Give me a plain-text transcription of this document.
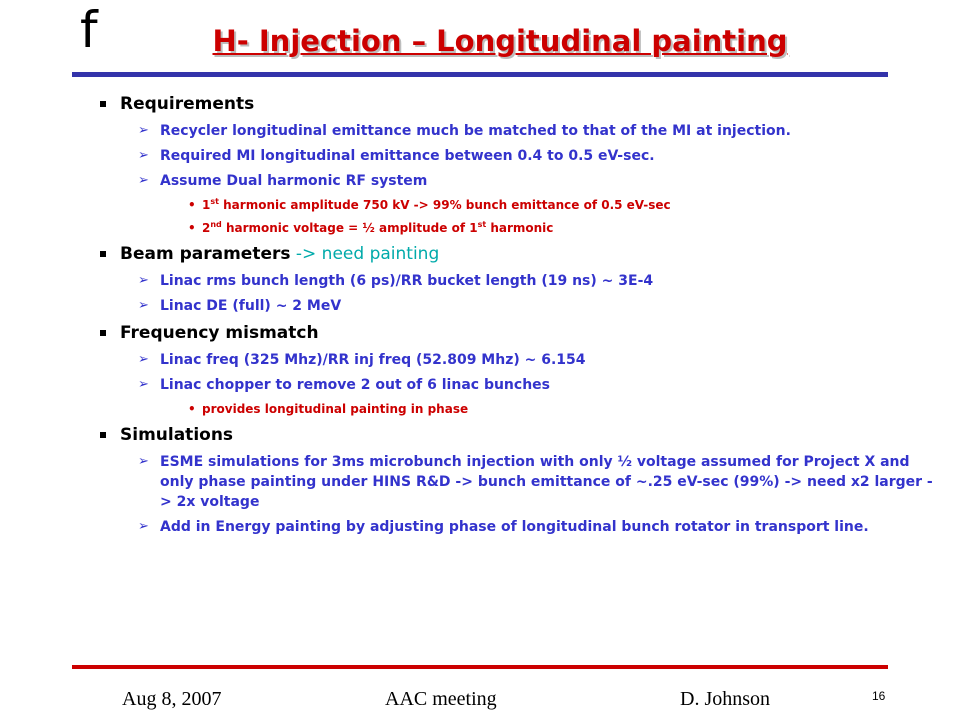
f	H- Injection – Longitudinal painting
Requirements
➢ Recycler longitudinal emittance much be matched to that of the MI at injection.
➢ Required MI longitudinal emittance between 0.4 to 0.5 eV-sec.
➢ Assume Dual harmonic RF system
• 1st harmonic amplitude 750 kV -> 99% bunch emittance of 0.5 eV-sec
• 2nd harmonic voltage = ½ amplitude of 1st harmonic
Beam parameters -> need painting
➢ Linac rms bunch length (6 ps)/RR bucket length (19 ns) ~ 3E-4
➢ Linac DE (full) ~ 2 MeV
Frequency mismatch
➢ Linac freq (325 Mhz)/RR inj freq (52.809 Mhz) ~ 6.154
➢ Linac chopper to remove 2 out of 6 linac bunches
• provides longitudinal painting in phase
Simulations
➢ ESME simulations for 3ms microbunch injection with only ½ voltage assumed for Project X and only phase painting under HINS R&D -> bunch emittance of ~.25 eV-sec (99%) -> need x2 larger -> 2x voltage
➢ Add in Energy painting by adjusting phase of longitudinal bunch rotator in transport line.
Aug 8, 2007	AAC meeting	D. Johnson	16
